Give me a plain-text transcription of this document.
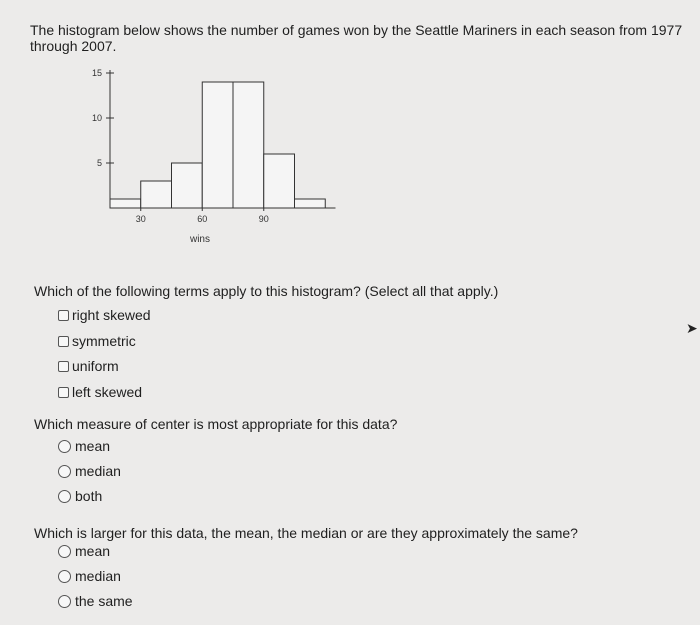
The histogram below shows the number of games won by the Seattle Mariners in each season from 1977 through 2007.
5
10
15
30	60	90
wins
Which of the following terms apply to this histogram? (Select all that apply.)
right skewed
symmetric
uniform
left skewed
Which measure of center is most appropriate for this data?
mean
median
both
Which is larger for this data, the mean, the median or are they approximately the same?
mean
median
the same
➤
